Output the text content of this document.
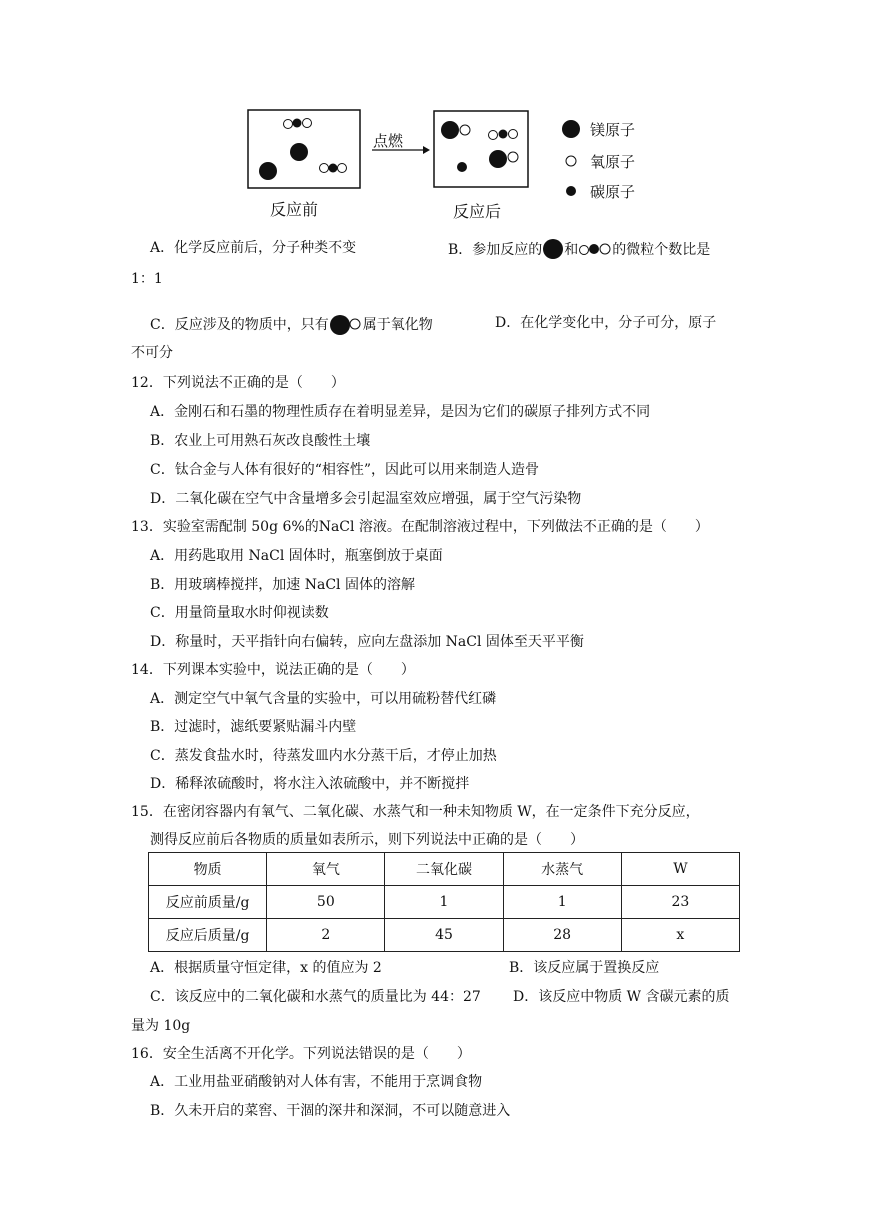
点燃
反应前	反应后
镁原子
氧原子
碳原子
A．化学反应前后，分子种类不变	B．参加反应的 和 的微粒个数比是
1：1
C．反应涉及的物质中，只有 属于氧化物	D．在化学变化中，分子可分，原子
不可分
12．下列说法不正确的是（　　）
A．金刚石和石墨的物理性质存在着明显差异，是因为它们的碳原子排列方式不同
B．农业上可用熟石灰改良酸性土壤
C．钛合金与人体有很好的“相容性”，因此可以用来制造人造骨
D．二氧化碳在空气中含量增多会引起温室效应增强，属于空气污染物
13．实验室需配制 50g 6%的NaCl 溶液。在配制溶液过程中，下列做法不正确的是（　　）
A．用药匙取用 NaCl 固体时，瓶塞倒放于桌面
B．用玻璃棒搅拌，加速 NaCl 固体的溶解
C．用量筒量取水时仰视读数
D．称量时，天平指针向右偏转，应向左盘添加 NaCl 固体至天平平衡
14．下列课本实验中，说法正确的是（　　）
A．测定空气中氧气含量的实验中，可以用硫粉替代红磷
B．过滤时，滤纸要紧贴漏斗内壁
C．蒸发食盐水时，待蒸发皿内水分蒸干后，才停止加热
D．稀释浓硫酸时，将水注入浓硫酸中，并不断搅拌
15．在密闭容器内有氧气、二氧化碳、水蒸气和一种未知物质 W，在一定条件下充分反应，
测得反应前后各物质的质量如表所示，则下列说法中正确的是（　　）
物质	氧气	二氧化碳	水蒸气	W
反应前质量/g	50	1	1	23
反应后质量/g	2	45	28	x
A．根据质量守恒定律，x 的值应为 2	B．该反应属于置换反应
C．该反应中的二氧化碳和水蒸气的质量比为 44：27 D．该反应中物质 W 含碳元素的质
量为 10g
16．安全生活离不开化学。下列说法错误的是（　　）
A．工业用盐亚硝酸钠对人体有害，不能用于烹调食物
B．久未开启的菜窖、干涸的深井和深洞，不可以随意进入
